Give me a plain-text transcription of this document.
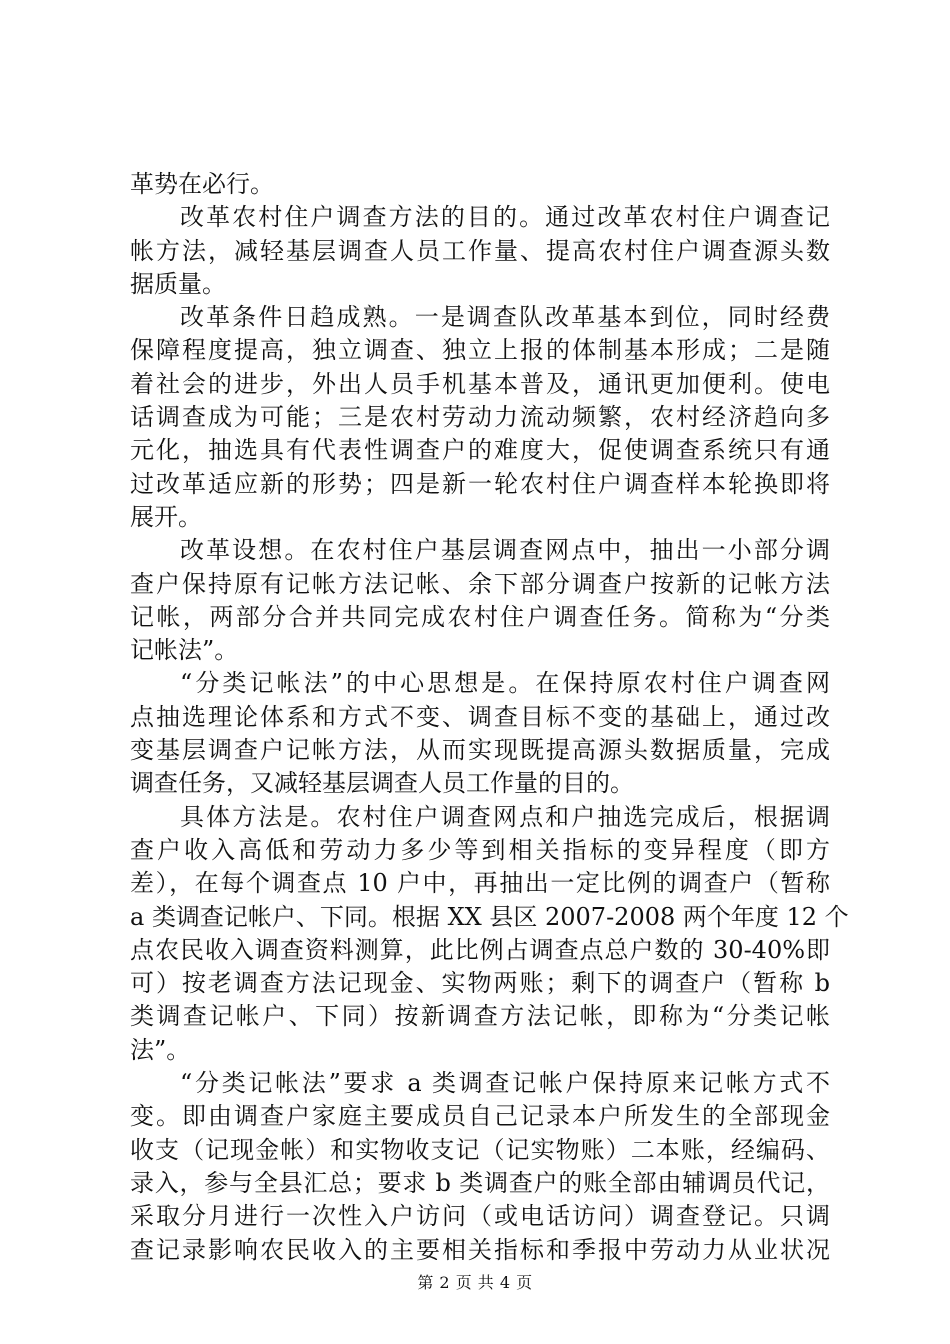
革势在必行。
改革农村住户调查方法的目的。通过改革农村住户调查记
帐方法，减轻基层调查人员工作量、提高农村住户调查源头数
据质量。
改革条件日趋成熟。一是调查队改革基本到位，同时经费
保障程度提高，独立调查、独立上报的体制基本形成；二是随
着社会的进步，外出人员手机基本普及，通讯更加便利。使电
话调查成为可能；三是农村劳动力流动频繁，农村经济趋向多
元化，抽选具有代表性调查户的难度大，促使调查系统只有通
过改革适应新的形势；四是新一轮农村住户调查样本轮换即将
展开。
改革设想。在农村住户基层调查网点中，抽出一小部分调
查户保持原有记帐方法记帐、余下部分调查户按新的记帐方法
记帐，两部分合并共同完成农村住户调查任务。简称为“分类
记帐法”。
“分类记帐法”的中心思想是。在保持原农村住户调查网
点抽选理论体系和方式不变、调查目标不变的基础上，通过改
变基层调查户记帐方法，从而实现既提高源头数据质量，完成
调查任务，又减轻基层调查人员工作量的目的。
具体方法是。农村住户调查网点和户抽选完成后，根据调
查户收入高低和劳动力多少等到相关指标的变异程度（即方
差），在每个调查点 10 户中，再抽出一定比例的调查户（暂称
a 类调查记帐户、下同。根据 XX 县区 2007-2008 两个年度 12 个
点农民收入调查资料测算，此比例占调查点总户数的 30-40%即
可）按老调查方法记现金、实物两账；剩下的调查户（暂称 b
类调查记帐户、下同）按新调查方法记帐，即称为“分类记帐
法”。
“分类记帐法”要求 a 类调查记帐户保持原来记帐方式不
变。即由调查户家庭主要成员自己记录本户所发生的全部现金
收支（记现金帐）和实物收支记（记实物账）二本账，经编码、
录入，参与全县汇总；要求 b 类调查户的账全部由辅调员代记，
采取分月进行一次性入户访问（或电话访问）调查登记。只调
查记录影响农民收入的主要相关指标和季报中劳动力从业状况
第 2 页 共 4 页
